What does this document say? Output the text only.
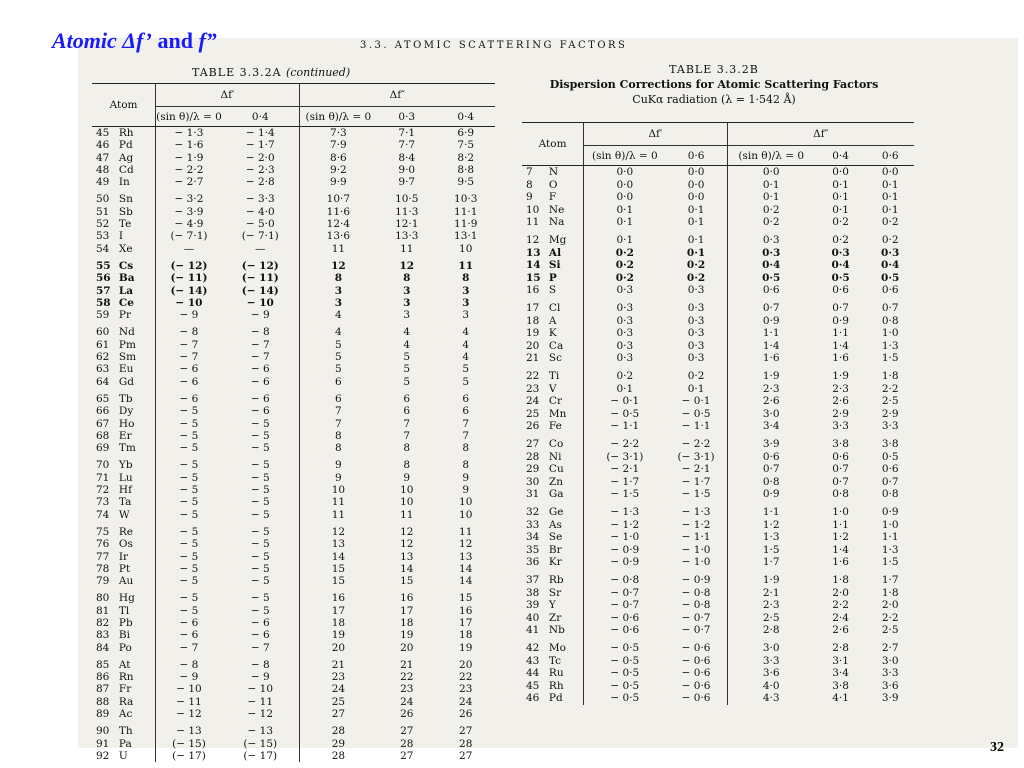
Atomic Δf’ and f”	3.3. ATOMIC SCATTERING FACTORS
TABLE 3.3.2A (continued)
Atom		Δf′		Δf″		
		(sin θ)/λ = 0	0·4	(sin θ)/λ = 0	0·3	0·4
45	Rh	− 1·3	− 1·4	7·3	7·1	6·9
46	Pd	− 1·6	− 1·7	7·9	7·7	7·5
47	Ag	− 1·9	− 2·0	8·6	8·4	8·2
48	Cd	− 2·2	− 2·3	9·2	9·0	8·8
49	In	− 2·7	− 2·8	9·9	9·7	9·5

50	Sn	− 3·2	− 3·3	10·7	10·5	10·3
51	Sb	− 3·9	− 4·0	11·6	11·3	11·1
52	Te	− 4·9	− 5·0	12·4	12·1	11·9
53	I	(− 7·1)	(− 7·1)	13·6	13·3	13·1
54	Xe	—	—	11	11	10

55	Cs	(− 12)	(− 12)	12	12	11
56	Ba	(− 11)	(− 11)	8	8	8
57	La	(− 14)	(− 14)	3	3	3
58	Ce	− 10	− 10	3	3	3
59	Pr	− 9	− 9	4	3	3

60	Nd	− 8	− 8	4	4	4
61	Pm	− 7	− 7	5	4	4
62	Sm	− 7	− 7	5	5	4
63	Eu	− 6	− 6	5	5	5
64	Gd	− 6	− 6	6	5	5

65	Tb	− 6	− 6	6	6	6
66	Dy	− 5	− 6	7	6	6
67	Ho	− 5	− 5	7	7	7
68	Er	− 5	− 5	8	7	7
69	Tm	− 5	− 5	8	8	8

70	Yb	− 5	− 5	9	8	8
71	Lu	− 5	− 5	9	9	9
72	Hf	− 5	− 5	10	10	9
73	Ta	− 5	− 5	11	10	10
74	W	− 5	− 5	11	11	10

75	Re	− 5	− 5	12	12	11
76	Os	− 5	− 5	13	12	12
77	Ir	− 5	− 5	14	13	13
78	Pt	− 5	− 5	15	14	14
79	Au	− 5	− 5	15	15	14

80	Hg	− 5	− 5	16	16	15
81	Tl	− 5	− 5	17	17	16
82	Pb	− 6	− 6	18	18	17
83	Bi	− 6	− 6	19	19	18
84	Po	− 7	− 7	20	20	19

85	At	− 8	− 8	21	21	20
86	Rn	− 9	− 9	23	22	22
87	Fr	− 10	− 10	24	23	23
88	Ra	− 11	− 11	25	24	24
89	Ac	− 12	− 12	27	26	26

90	Th	− 13	− 13	28	27	27
91	Pa	(− 15)	(− 15)	29	28	28
92	U	(− 17)	(− 17)	28	27	27
TABLE 3.3.2B
Dispersion Corrections for Atomic Scattering Factors
CuKα radiation (λ = 1·542 Å)
Atom		Δf′		Δf″		
		(sin θ)/λ = 0	0·6	(sin θ)/λ = 0	0·4	0·6
7	N	0·0	0·0	0·0	0·0	0·0
8	O	0·0	0·0	0·1	0·1	0·1
9	F	0·0	0·0	0·1	0·1	0·1
10	Ne	0·1	0·1	0·2	0·1	0·1
11	Na	0·1	0·1	0·2	0·2	0·2

12	Mg	0·1	0·1	0·3	0·2	0·2
13	Al	0·2	0·1	0·3	0·3	0·3
14	Si	0·2	0·2	0·4	0·4	0·4
15	P	0·2	0·2	0·5	0·5	0·5
16	S	0·3	0·3	0·6	0·6	0·6

17	Cl	0·3	0·3	0·7	0·7	0·7
18	A	0·3	0·3	0·9	0·9	0·8
19	K	0·3	0·3	1·1	1·1	1·0
20	Ca	0·3	0·3	1·4	1·4	1·3
21	Sc	0·3	0·3	1·6	1·6	1·5

22	Ti	0·2	0·2	1·9	1·9	1·8
23	V	0·1	0·1	2·3	2·3	2·2
24	Cr	− 0·1	− 0·1	2·6	2·6	2·5
25	Mn	− 0·5	− 0·5	3·0	2·9	2·9
26	Fe	− 1·1	− 1·1	3·4	3·3	3·3

27	Co	− 2·2	− 2·2	3·9	3·8	3·8
28	Ni	(− 3·1)	(− 3·1)	0·6	0·6	0·5
29	Cu	− 2·1	− 2·1	0·7	0·7	0·6
30	Zn	− 1·7	− 1·7	0·8	0·7	0·7
31	Ga	− 1·5	− 1·5	0·9	0·8	0·8

32	Ge	− 1·3	− 1·3	1·1	1·0	0·9
33	As	− 1·2	− 1·2	1·2	1·1	1·0
34	Se	− 1·0	− 1·1	1·3	1·2	1·1
35	Br	− 0·9	− 1·0	1·5	1·4	1·3
36	Kr	− 0·9	− 1·0	1·7	1·6	1·5

37	Rb	− 0·8	− 0·9	1·9	1·8	1·7
38	Sr	− 0·7	− 0·8	2·1	2·0	1·8
39	Y	− 0·7	− 0·8	2·3	2·2	2·0
40	Zr	− 0·6	− 0·7	2·5	2·4	2·2
41	Nb	− 0·6	− 0·7	2·8	2·6	2·5

42	Mo	− 0·5	− 0·6	3·0	2·8	2·7
43	Tc	− 0·5	− 0·6	3·3	3·1	3·0
44	Ru	− 0·5	− 0·6	3·6	3·4	3·3
45	Rh	− 0·5	− 0·6	4·0	3·8	3·6
46	Pd	− 0·5	− 0·6	4·3	4·1	3·9
32
